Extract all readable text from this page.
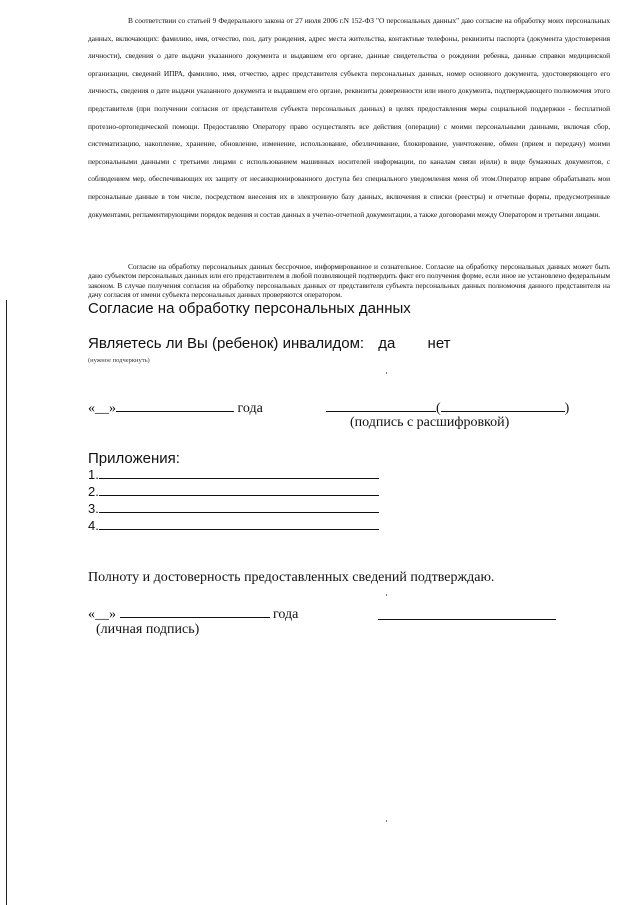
В соответствии со статьей 9 Федерального закона от 27 июля 2006 г.N 152-ФЗ "О персональных данных" даю согласие на обработку моих персональных данных, включающих: фамилию, имя, отчество, пол, дату рождения, адрес места жительства, контактные телефоны, реквизиты паспорта (документа удостоверения личности), сведения о дате выдачи указанного документа и выдавшем его органе, данные свидетельства о рождении ребенка, данные справки медицинской организации, сведений ИПРА, фамилию, имя, отчество, адрес представителя субъекта персональных данных, номер основного документа, удостоверяющего его личность, сведения о дате выдачи указанного документа и выдавшем его органе, реквизиты доверенности или иного документа, подтверждающего полномочия этого представителя (при получении согласия от представителя субъекта персональных данных) в целях предоставления меры социальной поддержки - бесплатной протезно-ортопедической помощи. Предоставляю Оператору право осуществлять все действия (операции) с моими персональными данными, включая сбор, систематизацию, накопление, хранение, обновление, изменение, использование, обезличивание, блокирование, уничтожение, обмен (прием и передачу) моими персональными данными с третьими лицами с использованием машинных носителей информации, по каналам связи и(или) в виде бумажных документов, с соблюдением мер, обеспечивающих их защиту от несанкционированного доступа без специального уведомления меня об этом.Оператор вправе обрабатывать мои персональные данные в том числе, посредством внесения их в электронную базу данных, включения в списки (реестры) и отчетные формы, предусмотренные документами, регламентирующими порядок ведения и состав данных в учетно-отчетной документации, а также договорами между Оператором и третьими лицами.
Согласие на обработку персональных данных бессрочное, информированное и сознательное. Согласие на обработку персональных данных может быть дано субъектом персональных данных или его представителем в любой позволяющей подтвердить факт его получения форме, если иное не установлено федеральным законом. В случае получения согласия на обработку персональных данных от представителя субъекта персональных данных полномочия данного представителя на дачу согласия от имени субъекта персональных данных проверяются оператором.
Согласие на обработку персональных данных
Являетесь ли Вы (ребенок) инвалидом: да нет
(нужное подчеркнуть)
«__»	года	(	)
(подпись с расшифровкой)
Приложения:
1.
2.
3.
4.
Полноту и достоверность предоставленных сведений подтверждаю.
«__»	года
(личная подпись)
